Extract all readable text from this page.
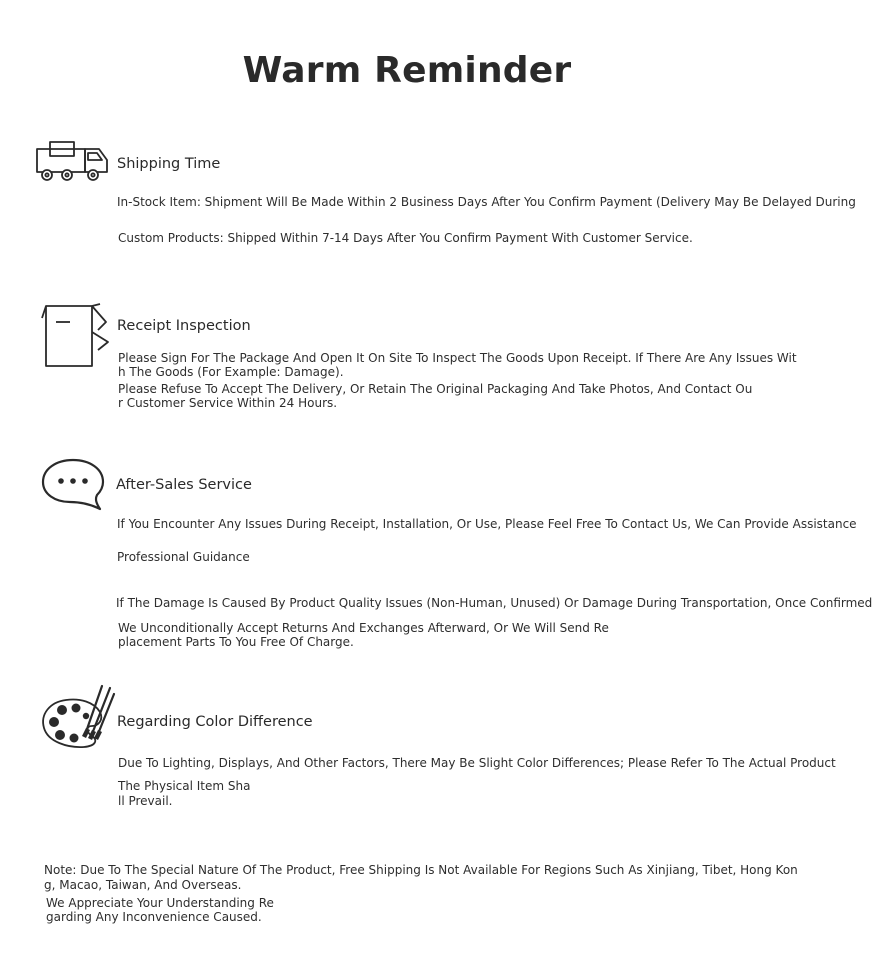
Warm Reminder
Shipping Time
In-Stock Item: Shipment Will Be Made Within 2 Business Days After You Confirm Payment (Delivery May Be Delayed During
Custom Products: Shipped Within 7-14 Days After You Confirm Payment With Customer Service.
Receipt Inspection
Please Sign For The Package And Open It On Site To Inspect The Goods Upon Receipt. If There Are Any Issues Wit
h The Goods (For Example: Damage).
Please Refuse To Accept The Delivery, Or Retain The Original Packaging And Take Photos, And Contact Ou
r Customer Service Within 24 Hours.
After-Sales Service
If You Encounter Any Issues During Receipt, Installation, Or Use, Please Feel Free To Contact Us, We Can Provide Assistance
Professional Guidance
If The Damage Is Caused By Product Quality Issues (Non-Human, Unused) Or Damage During Transportation, Once Confirmed
We Unconditionally Accept Returns And Exchanges Afterward, Or We Will Send Re
placement Parts To You Free Of Charge.
Regarding Color Difference
Due To Lighting, Displays, And Other Factors, There May Be Slight Color Differences; Please Refer To The Actual Product
The Physical Item Sha
ll Prevail.
Note: Due To The Special Nature Of The Product, Free Shipping Is Not Available For Regions Such As Xinjiang, Tibet, Hong Kon
g, Macao, Taiwan, And Overseas.
We Appreciate Your Understanding Re
garding Any Inconvenience Caused.
